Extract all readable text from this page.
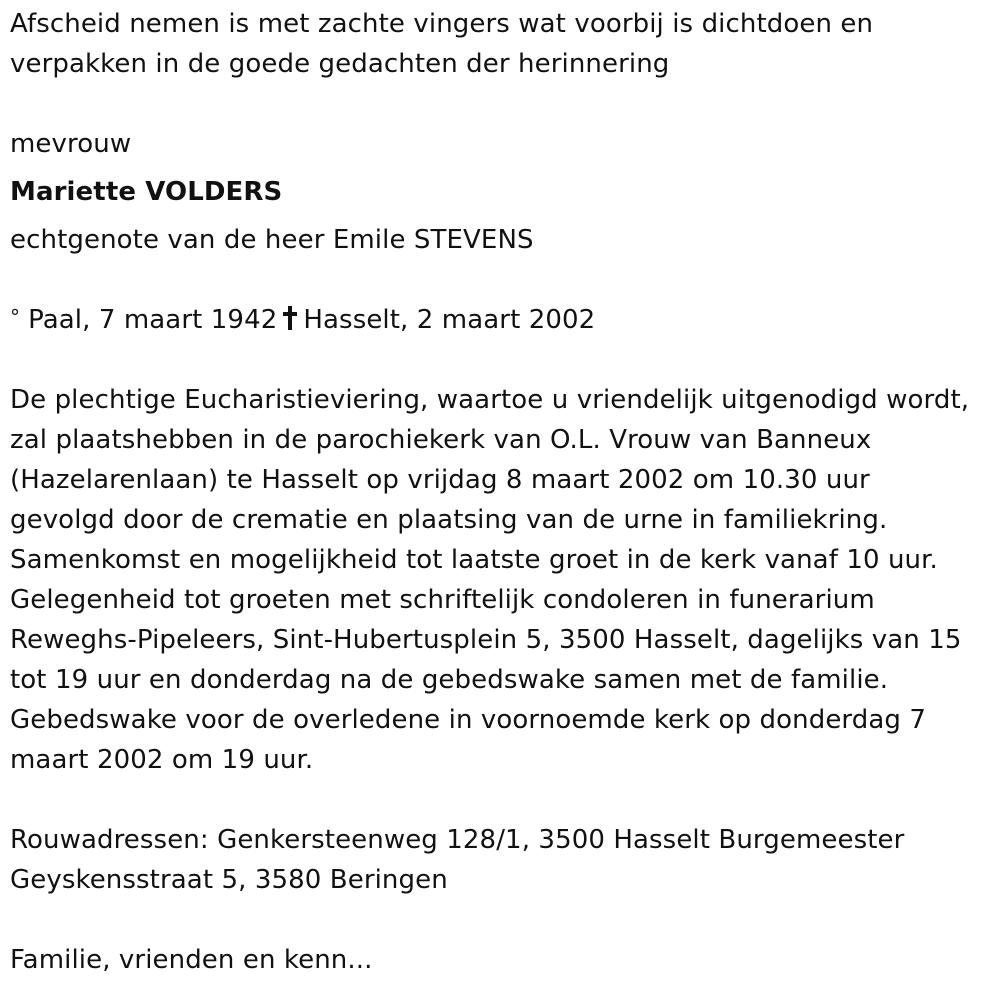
Afscheid nemen is met zachte vingers wat voorbij is dichtdoen en
verpakken in de goede gedachten der herinnering
mevrouw
Mariette VOLDERS
echtgenote van de heer Emile STEVENS
° Paal, 7 maart 1942 Hasselt, 2 maart 2002
De plechtige Eucharistieviering, waartoe u vriendelijk uitgenodigd wordt,
zal plaatshebben in de parochiekerk van O.L. Vrouw van Banneux
(Hazelarenlaan) te Hasselt op vrijdag 8 maart 2002 om 10.30 uur
gevolgd door de crematie en plaatsing van de urne in familiekring.
Samenkomst en mogelijkheid tot laatste groet in de kerk vanaf 10 uur.
Gelegenheid tot groeten met schriftelijk condoleren in funerarium
Reweghs-Pipeleers, Sint-Hubertusplein 5, 3500 Hasselt, dagelijks van 15
tot 19 uur en donderdag na de gebedswake samen met de familie.
Gebedswake voor de overledene in voornoemde kerk op donderdag 7
maart 2002 om 19 uur.
Rouwadressen: Genkersteenweg 128/1, 3500 Hasselt Burgemeester
Geyskensstraat 5, 3580 Beringen
Familie, vrienden en kenn...
